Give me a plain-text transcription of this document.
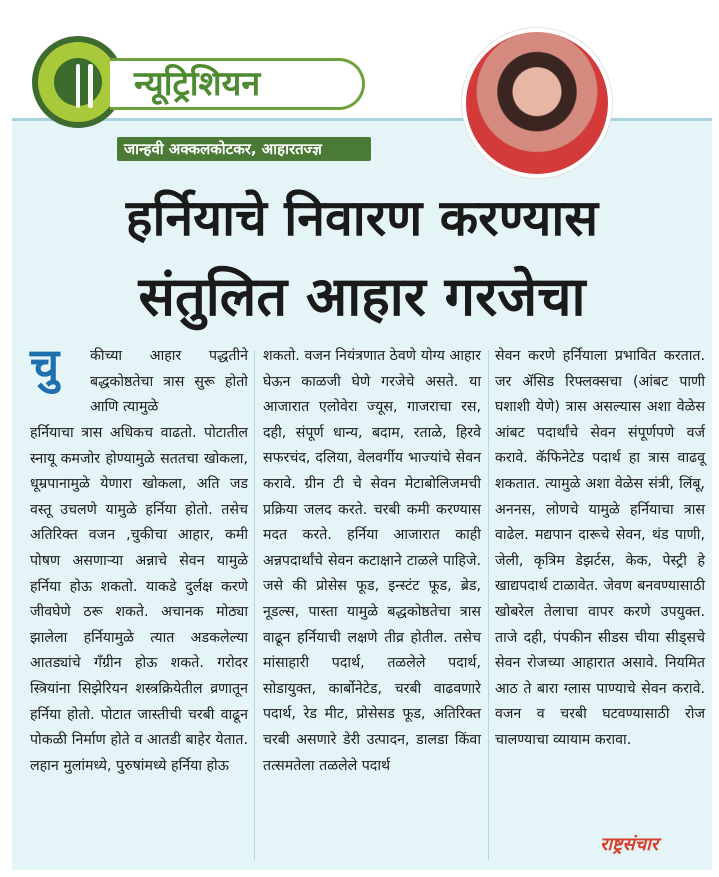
न्यूट्रिशियन
जान्हवी अक्कलकोटकर, आहारतज्ज्ञ
हर्नियाचे निवारण करण्यास
संतुलित आहार गरजेचा
चु कीच्या आहार पद्धतीने बद्धकोष्ठतेचा त्रास सुरू होतो आणि त्यामुळे
हर्नियाचा त्रास अधिकच वाढतो. पोटातील स्नायू कमजोर होण्यामुळे सततचा खोकला, धूम्रपानामुळे येणारा खोकला, अति जड वस्तू उचलणे यामुळे हर्निया होतो. तसेच अतिरिक्त वजन ,चुकीचा आहार, कमी पोषण असणाऱ्या अन्नाचे सेवन यामुळे हर्निया होऊ शकतो. याकडे दुर्लक्ष करणे जीवघेणे ठरू शकते. अचानक मोठ्या झालेला हर्नियामुळे त्यात अडकलेल्या आतड्यांचे गँग्रीन होऊ शकते. गरोदर स्त्रियांना सिझेरियन शस्त्रक्रियेतील व्रणातून हर्निया होतो. पोटात जास्तीची चरबी वाढून पोकळी निर्माण होते व आतडी बाहेर येतात. लहान मुलांमध्ये, पुरुषांमध्ये हर्निया होऊ
शकतो. वजन नियंत्रणात ठेवणे योग्य आहार घेऊन काळजी घेणे गरजेचे असते. या आजारात एलोवेरा ज्यूस, गाजराचा रस, दही, संपूर्ण धान्य, बदाम, रताळे, हिरवे सफरचंद, दलिया, वेलवर्गीय भाज्यांचे सेवन करावे. ग्रीन टी चे सेवन मेटाबोलिजमची प्रक्रिया जलद करते. चरबी कमी करण्यास मदत करते. हर्निया आजारात काही अन्नपदार्थांचे सेवन कटाक्षाने टाळले पाहिजे. जसे की प्रोसेस फूड, इन्स्टंट फूड, ब्रेड, नूडल्स, पास्ता यामुळे बद्धकोष्ठतेचा त्रास वाढून हर्नियाची लक्षणे तीव्र होतील. तसेच मांसाहारी पदार्थ, तळलेले पदार्थ, सोडायुक्त, कार्बोनेटेड, चरबी वाढवणारे पदार्थ, रेड मीट, प्रोसेसड फूड, अतिरिक्त चरबी असणारे डेरी उत्पादन, डालडा किंवा तत्समतेला तळलेले पदार्थ
सेवन करणे हर्नियाला प्रभावित करतात. जर ॲसिड रिफ्लक्सचा (आंबट पाणी घशाशी येणे) त्रास असल्यास अशा वेळेस आंबट पदार्थांचे सेवन संपूर्णपणे वर्ज करावे. कॅफिनेटेड पदार्थ हा त्रास वाढवू शकतात. त्यामुळे अशा वेळेस संत्री, लिंबू, अननस, लोणचे यामुळे हर्नियाचा त्रास वाढेल. मद्यपान दारूचे सेवन, थंड पाणी, जेली, कृत्रिम डेझर्टस, केक, पेस्ट्री हे खाद्यपदार्थ टाळावेत. जेवण बनवण्यासाठी खोबरेल तेलाचा वापर करणे उपयुक्त. ताजे दही, पंपकीन सीडस चीया सीड्सचे सेवन रोजच्या आहारात असावे. नियमित आठ ते बारा ग्लास पाण्याचे सेवन करावे. वजन व चरबी घटवण्यासाठी रोज चालण्याचा व्यायाम करावा.
राष्ट्रसंचार
